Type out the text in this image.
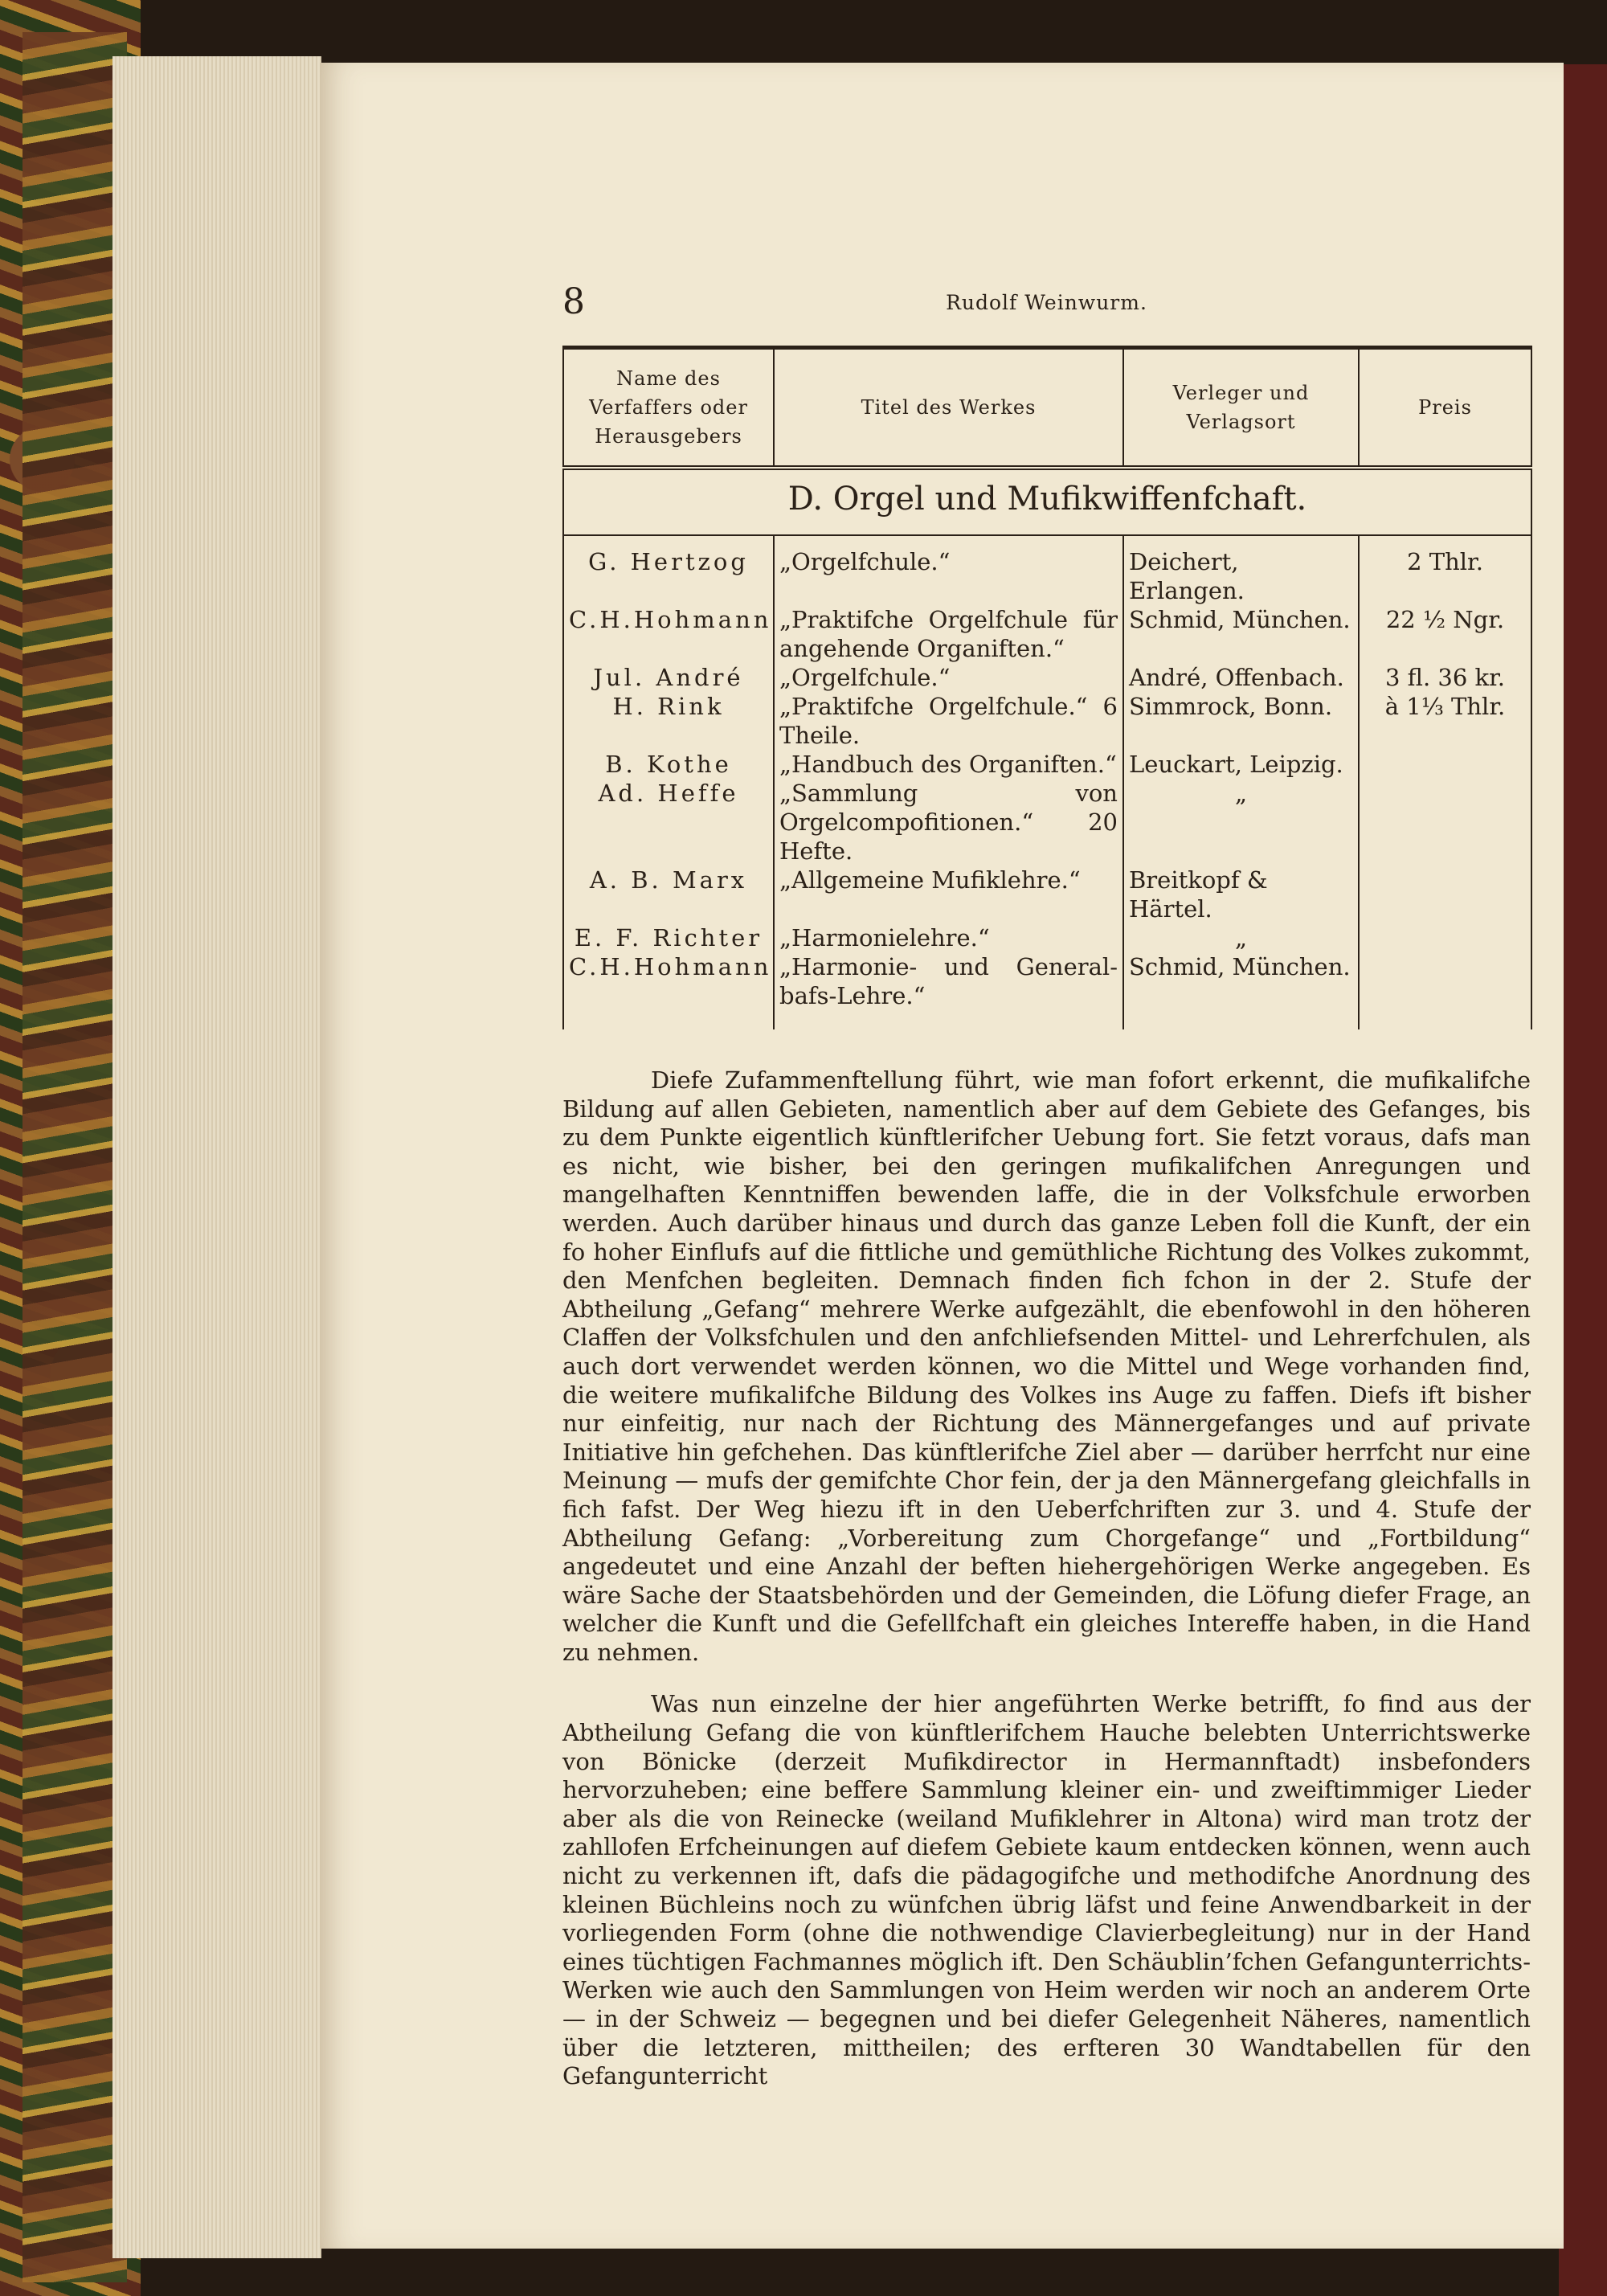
8	Rudolf Weinwurm.
Name des Verfaffers oder Herausgebers	Titel des Werkes	Verleger und Verlagsort	Preis
D. Orgel und Mufikwiffenfchaft.			
G. Hertzog	„Orgelfchule.“	Deichert, Erlangen.	2 Thlr.
C.H.Hohmann	„Praktifche Orgelfchule für angehende Organiften.“	Schmid, München.	22 ½ Ngr.
Jul. André	„Orgelfchule.“	André, Offenbach.	3 fl. 36 kr.
H. Rink	„Praktifche Orgelfchule.“ 6 Theile.	Simmrock, Bonn.	à 1⅓ Thlr.
B. Kothe	„Handbuch des Organiften.“	Leuckart, Leipzig.	
Ad. Heffe	„Sammlung von Orgelcompofitionen.“ 20 Hefte.	„	
A. B. Marx	„Allgemeine Mufiklehre.“	Breitkopf & Härtel.	
E. F. Richter	„Harmonielehre.“	„	
C.H.Hohmann	„Harmonie- und General-bafs-Lehre.“	Schmid, München.	

Diefe Zufammenftellung führt, wie man fofort erkennt, die mufikalifche Bildung auf allen Gebieten, namentlich aber auf dem Gebiete des Gefanges, bis zu dem Punkte eigentlich künftlerifcher Uebung fort. Sie fetzt voraus, dafs man es nicht, wie bisher, bei den geringen mufikalifchen Anregungen und mangelhaften Kenntniffen bewenden laffe, die in der Volksfchule erworben werden. Auch darüber hinaus und durch das ganze Leben foll die Kunft, der ein fo hoher Einflufs auf die fittliche und gemüthliche Richtung des Volkes zukommt, den Menfchen begleiten. Demnach finden fich fchon in der 2. Stufe der Abtheilung „Gefang“ mehrere Werke aufgezählt, die ebenfowohl in den höheren Claffen der Volksfchulen und den anfchliefsenden Mittel- und Lehrerfchulen, als auch dort verwendet werden können, wo die Mittel und Wege vorhanden find, die weitere mufikalifche Bildung des Volkes ins Auge zu faffen. Diefs ift bisher nur einfeitig, nur nach der Richtung des Männergefanges und auf private Initiative hin gefchehen. Das künftlerifche Ziel aber — darüber herrfcht nur eine Meinung — mufs der gemifchte Chor fein, der ja den Männergefang gleichfalls in fich fafst. Der Weg hiezu ift in den Ueberfchriften zur 3. und 4. Stufe der Abtheilung Gefang: „Vorbereitung zum Chorgefange“ und „Fortbildung“ angedeutet und eine Anzahl der beften hiehergehörigen Werke angegeben. Es wäre Sache der Staatsbehörden und der Gemeinden, die Löfung diefer Frage, an welcher die Kunft und die Gefellfchaft ein gleiches Intereffe haben, in die Hand zu nehmen.

Was nun einzelne der hier angeführten Werke betrifft, fo find aus der Abtheilung Gefang die von künftlerifchem Hauche belebten Unterrichtswerke von Bönicke (derzeit Mufikdirector in Hermannftadt) insbefonders hervorzuheben; eine beffere Sammlung kleiner ein- und zweiftimmiger Lieder aber als die von Reinecke (weiland Mufiklehrer in Altona) wird man trotz der zahllofen Erfcheinungen auf diefem Gebiete kaum entdecken können, wenn auch nicht zu verkennen ift, dafs die pädagogifche und methodifche Anordnung des kleinen Büchleins noch zu wünfchen übrig läfst und feine Anwendbarkeit in der vorliegenden Form (ohne die nothwendige Clavierbegleitung) nur in der Hand eines tüchtigen Fachmannes möglich ift. Den Schäublin’fchen Gefangunterrichts-Werken wie auch den Sammlungen von Heim werden wir noch an anderem Orte — in der Schweiz — begegnen und bei diefer Gelegenheit Näheres, namentlich über die letzteren, mittheilen; des erfteren 30 Wandtabellen für den Gefangunterricht
